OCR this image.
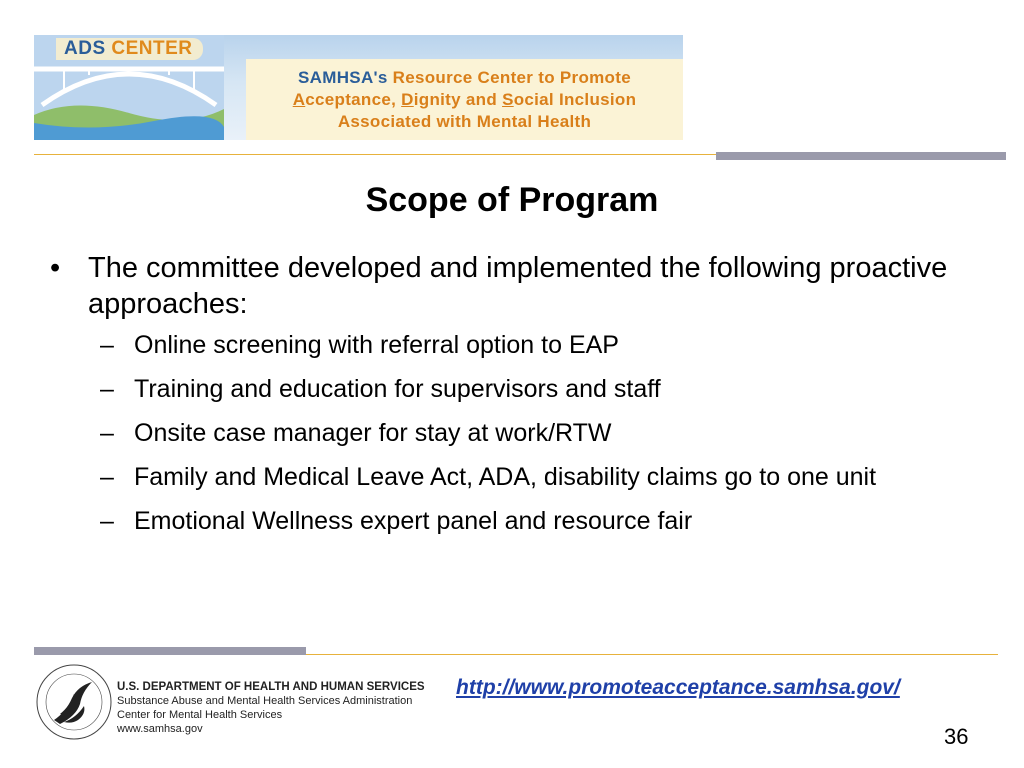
ADS CENTER
SAMHSA's Resource Center to Promote
Acceptance, Dignity and Social Inclusion
Associated with Mental Health
Scope of Program
• The committee developed and implemented the following proactive approaches:
– Online screening with referral option to EAP
– Training and education for supervisors and staff
– Onsite case manager for stay at work/RTW
– Family and Medical Leave Act, ADA, disability claims go to one unit
– Emotional Wellness expert panel and resource fair
U.S. DEPARTMENT OF HEALTH AND HUMAN SERVICES
Substance Abuse and Mental Health Services Administration
Center for Mental Health Services
www.samhsa.gov
http://www.promoteacceptance.samhsa.gov/
36
